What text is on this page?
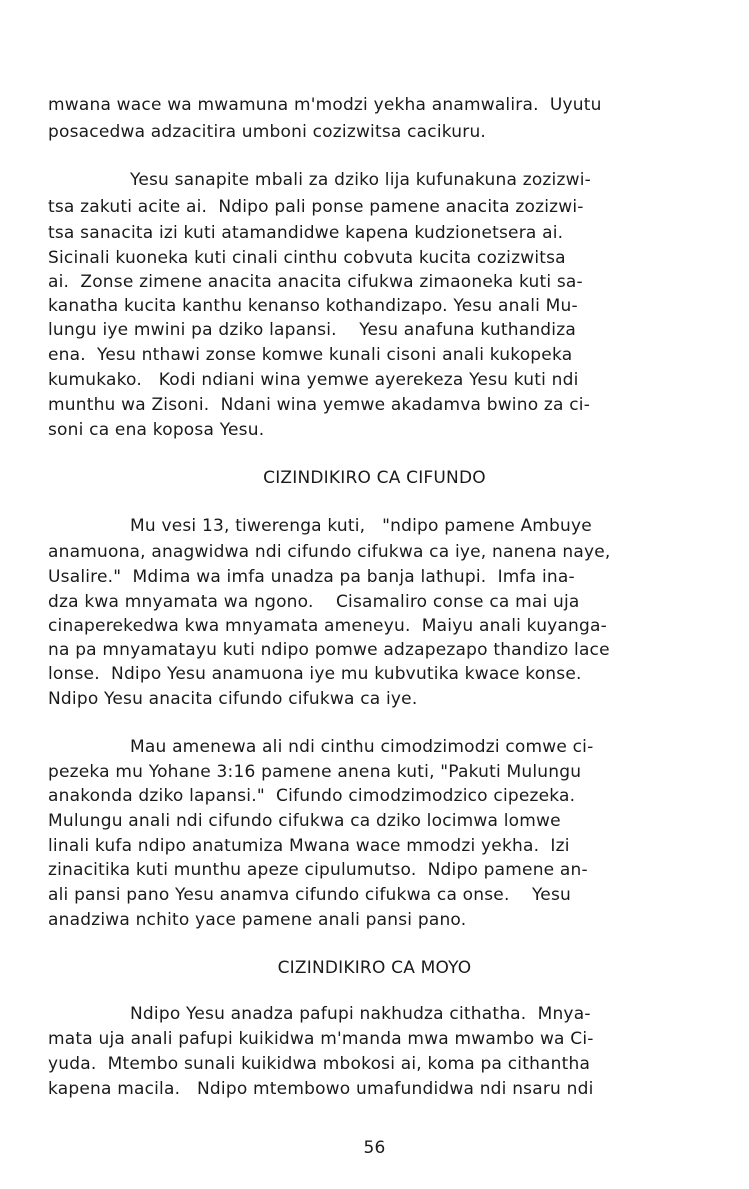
mwana wace wa mwamuna m'modzi yekha anamwalira.  Uyutu
posacedwa adzacitira umboni cozizwitsa cacikuru.
Yesu sanapite mbali za dziko lija kufunakuna zozizwi-
tsa zakuti acite ai.  Ndipo pali ponse pamene anacita zozizwi-
tsa sanacita izi kuti atamandidwe kapena kudzionetsera ai.
Sicinali kuoneka kuti cinali cinthu cobvuta kucita cozizwitsa
ai.  Zonse zimene anacita anacita cifukwa zimaoneka kuti sa-
kanatha kucita kanthu kenanso kothandizapo. Yesu anali Mu-
lungu iye mwini pa dziko lapansi.    Yesu anafuna kuthandiza
ena.  Yesu nthawi zonse komwe kunali cisoni anali kukopeka
kumukako.   Kodi ndiani wina yemwe ayerekeza Yesu kuti ndi
munthu wa Zisoni.  Ndani wina yemwe akadamva bwino za ci-
soni ca ena koposa Yesu.
CIZINDIKIRO CA CIFUNDO
Mu vesi 13, tiwerenga kuti,   "ndipo pamene Ambuye
anamuona, anagwidwa ndi cifundo cifukwa ca iye, nanena naye,
Usalire."  Mdima wa imfa unadza pa banja lathupi.  Imfa ina-
dza kwa mnyamata wa ngono.    Cisamaliro conse ca mai uja
cinaperekedwa kwa mnyamata ameneyu.  Maiyu anali kuyanga-
na pa mnyamatayu kuti ndipo pomwe adzapezapo thandizo lace
lonse.  Ndipo Yesu anamuona iye mu kubvutika kwace konse.
Ndipo Yesu anacita cifundo cifukwa ca iye.
Mau amenewa ali ndi cinthu cimodzimodzi comwe ci-
pezeka mu Yohane 3:16 pamene anena kuti, "Pakuti Mulungu
anakonda dziko lapansi."  Cifundo cimodzimodzico cipezeka.
Mulungu anali ndi cifundo cifukwa ca dziko locimwa lomwe
linali kufa ndipo anatumiza Mwana wace mmodzi yekha.  Izi
zinacitika kuti munthu apeze cipulumutso.  Ndipo pamene an-
ali pansi pano Yesu anamva cifundo cifukwa ca onse.    Yesu
anadziwa nchito yace pamene anali pansi pano.
CIZINDIKIRO CA MOYO
Ndipo Yesu anadza pafupi nakhudza cithatha.  Mnya-
mata uja anali pafupi kuikidwa m'manda mwa mwambo wa Ci-
yuda.  Mtembo sunali kuikidwa mbokosi ai, koma pa cithantha
kapena macila.   Ndipo mtembowo umafundidwa ndi nsaru ndi
56
